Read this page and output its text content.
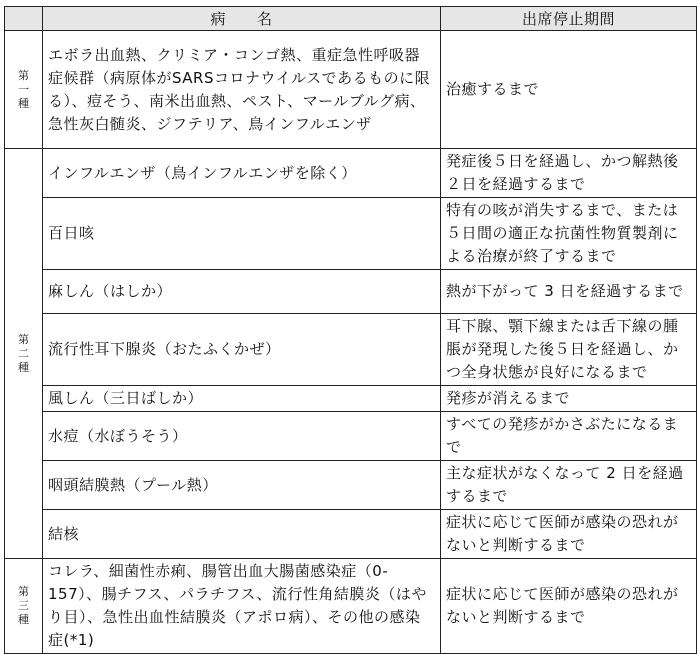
	病　　名	出席停止期間

第一種	エボラ出血熱、クリミア・コンゴ熱、重症急性呼吸器症候群（病原体がSARSコロナウイルスであるものに限る）、痘そう、南米出血熱、ペスト、マールブルグ病、急性灰白髄炎、ジフテリア、鳥インフルエンザ	治癒するまで

第二種	インフルエンザ（鳥インフルエンザを除く）	発症後５日を経過し、かつ解熱後２日を経過するまで
	百日咳	特有の咳が消失するまで、または５日間の適正な抗菌性物質製剤による治療が終了するまで
	麻しん（はしか）	熱が下がって 3 日を経過するまで
	流行性耳下腺炎（おたふくかぜ）	耳下腺、顎下線または舌下線の腫脹が発現した後５日を経過し、かつ全身状態が良好になるまで
	風しん（三日ばしか）	発疹が消えるまで
	水痘（水ぼうそう）	すべての発疹がかさぶたになるまで
	咽頭結膜熱（プール熱）	主な症状がなくなって 2 日を経過するまで
	結核	症状に応じて医師が感染の恐れがないと判断するまで

第三種	コレラ、細菌性赤痢、腸管出血大腸菌感染症（0-157）、腸チフス、パラチフス、流行性角結膜炎（はやり目）、急性出血性結膜炎（アポロ病）、その他の感染症(*1)	症状に応じて医師が感染の恐れがないと判断するまで
